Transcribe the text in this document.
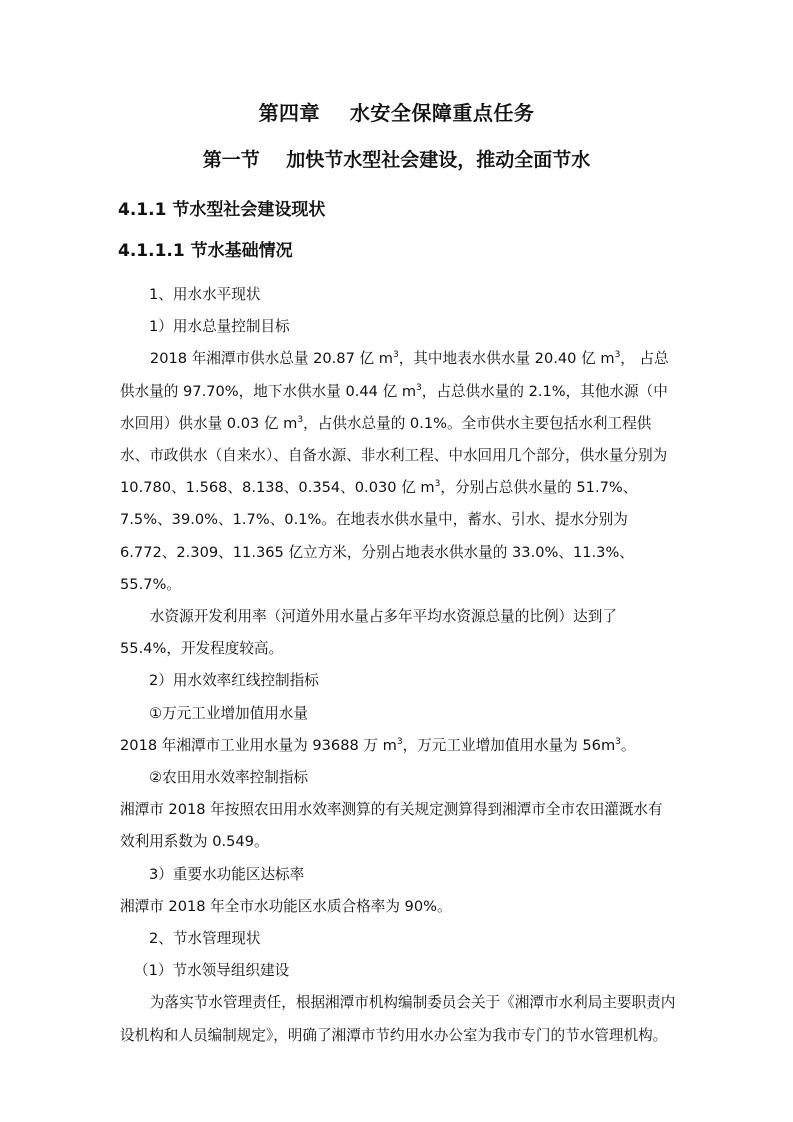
第四章    水安全保障重点任务
第一节    加快节水型社会建设，推动全面节水
4.1.1 节水型社会建设现状
4.1.1.1 节水基础情况

1、用水水平现状

1）用水总量控制目标

2018 年湘潭市供水总量 20.87 亿 $m^3$，其中地表水供水量 20.40 亿 $m^3$， 占总供水量的 97.70%，地下水供水量 0.44 亿 $m^3$，占总供水量的 2.1%，其他水源（中水回用）供水量 0.03 亿 $m^3$，占供水总量的 0.1%。全市供水主要包括水利工程供水、市政供水（自来水）、自备水源、非水利工程、中水回用几个部分，供水量分别为 10.780、1.568、8.138、0.354、0.030 亿 $m^3$，分别占总供水量的 51.7%、7.5%、39.0%、1.7%、0.1%。在地表水供水量中，蓄水、引水、提水分别为 6.772、2.309、11.365 亿立方米，分别占地表水供水量的 33.0%、11.3%、55.7%。

水资源开发利用率（河道外用水量占多年平均水资源总量的比例）达到了 55.4%，开发程度较高。

2）用水效率红线控制指标

①万元工业增加值用水量

2018 年湘潭市工业用水量为 93688 万 $m^3$，万元工业增加值用水量为 $56m^3$。

②农田用水效率控制指标

湘潭市 2018 年按照农田用水效率测算的有关规定测算得到湘潭市全市农田灌溉水有效利用系数为 0.549。

3）重要水功能区达标率

湘潭市 2018 年全市水功能区水质合格率为 90%。

2、节水管理现状

（1）节水领导组织建设

为落实节水管理责任，根据湘潭市机构编制委员会关于《湘潭市水利局主要职责内设机构和人员编制规定》，明确了湘潭市节约用水办公室为我市专门的节水管理机构。
